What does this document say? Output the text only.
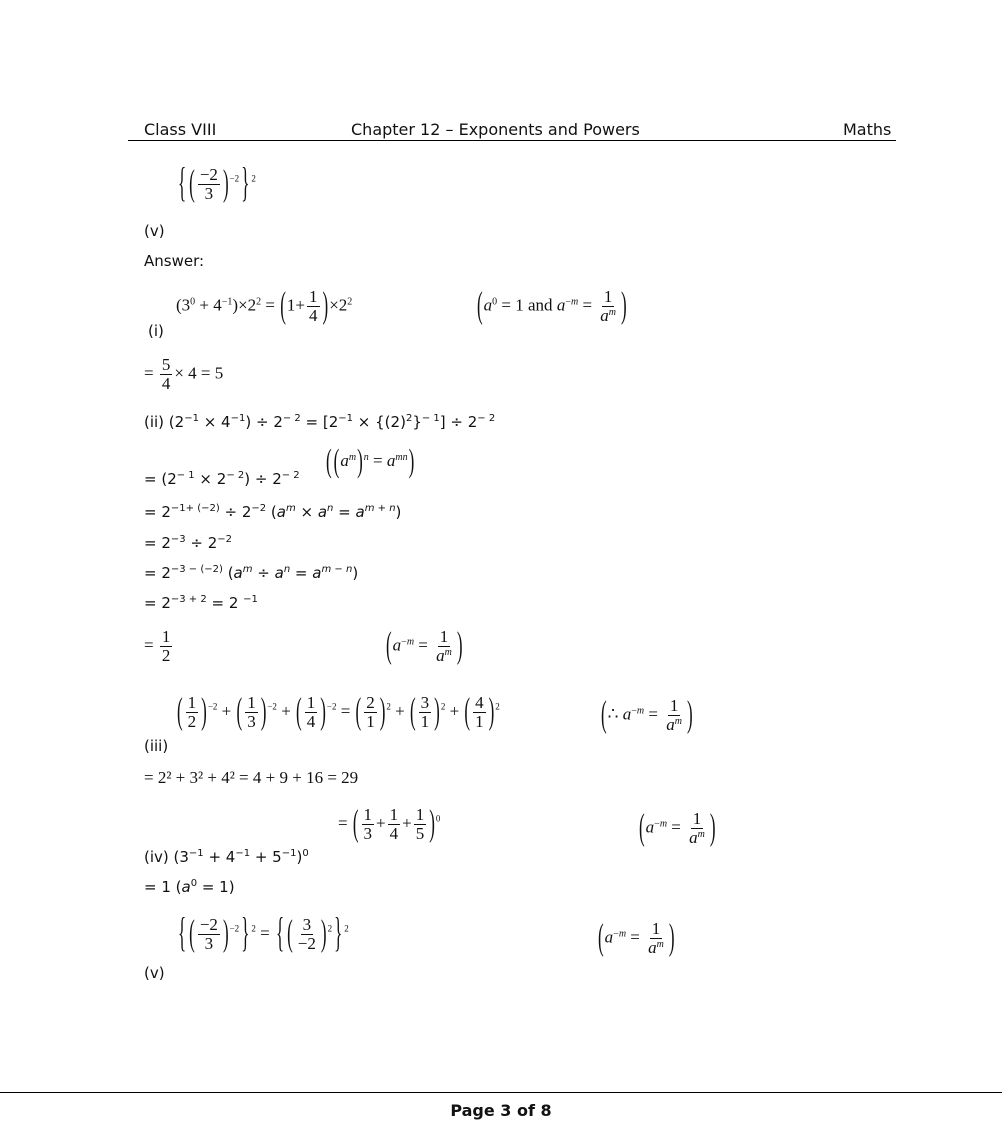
Class VIII	Chapter 12 – Exponents and Powers	Maths
{ ( $\frac{-2}{3} )^{-2}$ } $^2$
(v)
Answer:
$(3^0 + 4^{-1})\times 2^2 = (1+ \frac{1}{4} )\times 2^2$	($a^0 = 1$ and $a^{-m} = \frac{1}{a^m}$ )
(i)
= $\frac{5}{4} \times 4 = 5$
(ii) $(2^{-1} \times 4^{-1}) \div 2^{- 2} = [2^{-1} \times \{(2)^2\}^{- 1}] \div 2^{- 2}$
= $(2^{- 1} \times 2^{- 2}) \div 2^{- 2}$ ( $(a^m)^n = a^{mn}$)
= $2^{-1+ (-2)} \div 2^{-2}$ $(a^m \times a^n = a^{m + n})$
= $2^{-3} \div 2^{-2}$
= $2^{-3 - (-2)}$ $(a^m \div a^n = a^{m - n})$
= $2^{-3 + 2} = 2$ $^{-1}$
= $\frac{1}{2}$	($a^{-m} = \frac{1}{a^m}$ )
( $\frac{1}{2} )^{-2}$ + ( $\frac{1}{3} )^{-2}$ + ( $\frac{1}{4} )^{-2}$ = ( $\frac{2}{1} )^2$ + ( $\frac{3}{1} )^2$ + ( $\frac{4}{1} )^2$	(∴ $a^{-m} = \frac{1}{a^m}$ )
(iii)
= 2² + 3² + 4² = 4 + 9 + 16 = 29
= ( $\frac{1}{3} + \frac{1}{4} + \frac{1}{5} )^0$	($a^{-m} = \frac{1}{a^m}$ )
(iv) $(3^{-1} + 4^{-1} + 5^{-1})^0$
= 1 $(a^0 = 1)$
{ ( $\frac{-2}{3} )^{-2}$ } $^2$ = { ( $\frac{3}{-2} )^2$ } $^2$	($a^{-m} = \frac{1}{a^m}$ )
(v)
Page 3 of 8
